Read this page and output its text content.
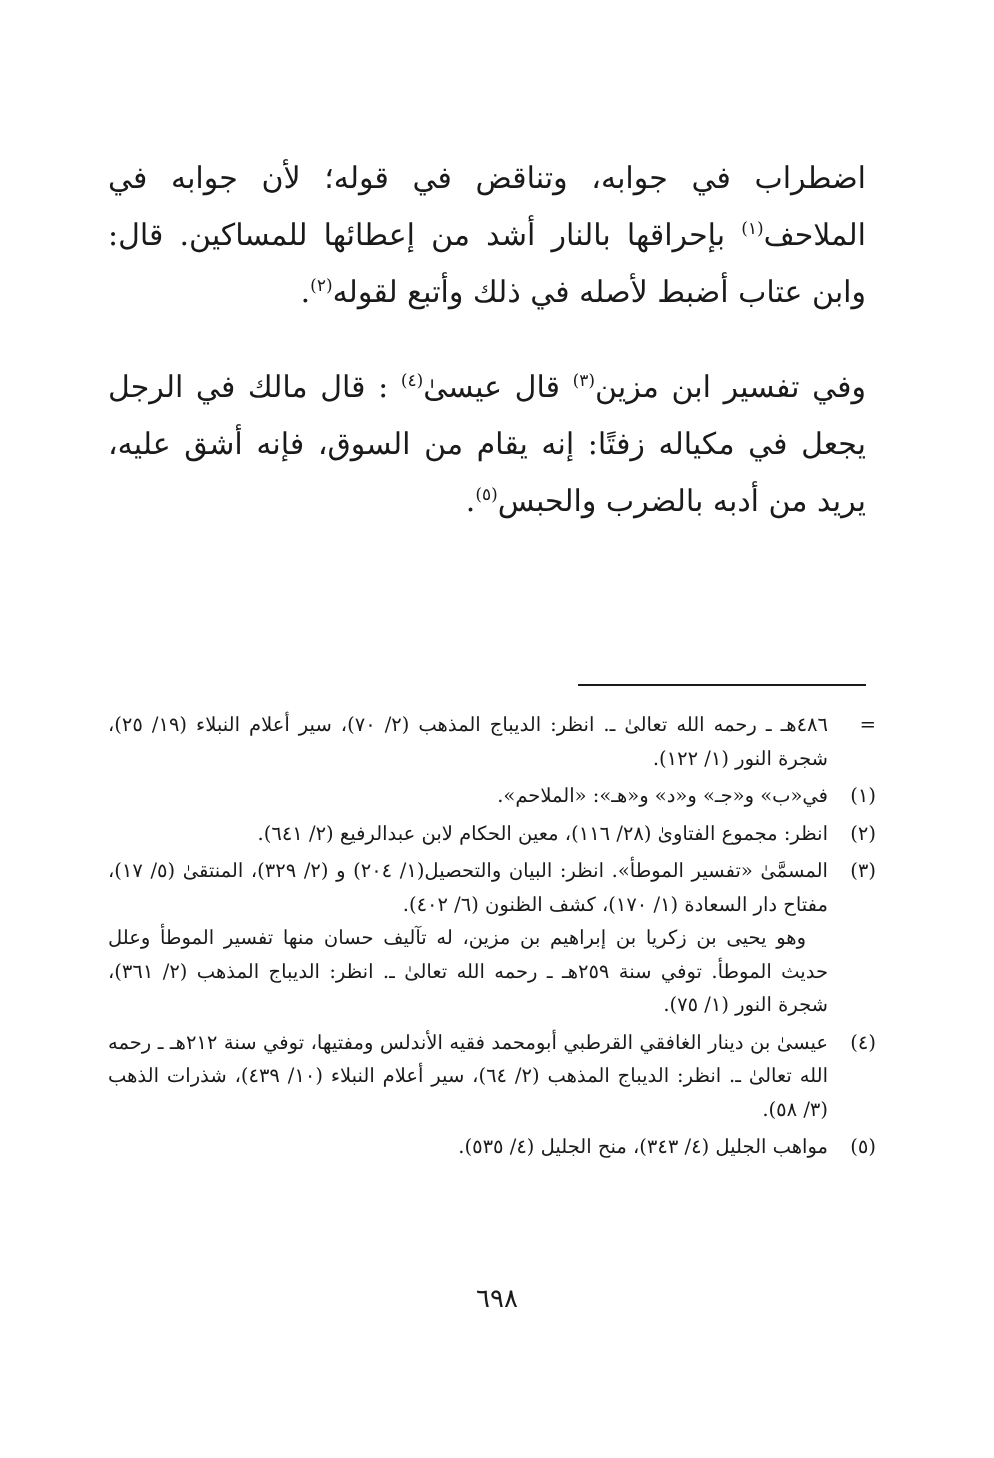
اضطراب في جوابه، وتناقض في قوله؛ لأن جوابه في الملاحف$^{(١)}$ بإحراقها بالنار أشد من إعطائها للمساكين. قال: وابن عتاب أضبط لأصله في ذلك وأتبع لقوله$^{(٢)}$.

وفي تفسير ابن مزين$^{(٣)}$ قال عيسىٰ$^{(٤)}$ : قال مالك في الرجل يجعل في مكياله زفتًا: إنه يقام من السوق، فإنه أشق عليه، يريد من أدبه بالضرب والحبس$^{(٥)}$.

=

٤٨٦هـ ـ رحمه الله تعالىٰ ـ. انظر: الديباج المذهب (٢/ ٧٠)، سير أعلام النبلاء (١٩/ ٢٥)، شجرة النور (١/ ١٢٢).

(١)

في«ب» و«جـ» و«د» و«هـ»: «الملاحم».

(٢)

انظر: مجموع الفتاوىٰ (٢٨/ ١١٦)، معين الحكام لابن عبدالرفيع (٢/ ٦٤١).

(٣)

المسمَّىٰ «تفسير الموطأ». انظر: البيان والتحصيل(١/ ٢٠٤) و (٢/ ٣٢٩)، المنتقىٰ (٥/ ١٧)، مفتاح دار السعادة (١/ ١٧٠)، كشف الظنون (٦/ ٤٠٢).

وهو يحيى بن زكريا بن إبراهيم بن مزين، له تآليف حسان منها تفسير الموطأ وعلل حديث الموطأ. توفي سنة ٢٥٩هـ ـ رحمه الله تعالىٰ ـ. انظر: الديباج المذهب (٢/ ٣٦١)، شجرة النور (١/ ٧٥).

(٤)

عيسىٰ بن دينار الغافقي القرطبي أبومحمد فقيه الأندلس ومفتيها، توفي سنة ٢١٢هـ ـ رحمه الله تعالىٰ ـ. انظر: الديباج المذهب (٢/ ٦٤)، سير أعلام النبلاء (١٠/ ٤٣٩)، شذرات الذهب (٣/ ٥٨).

(٥)

مواهب الجليل (٤/ ٣٤٣)، منح الجليل (٤/ ٥٣٥).

٦٩٨
